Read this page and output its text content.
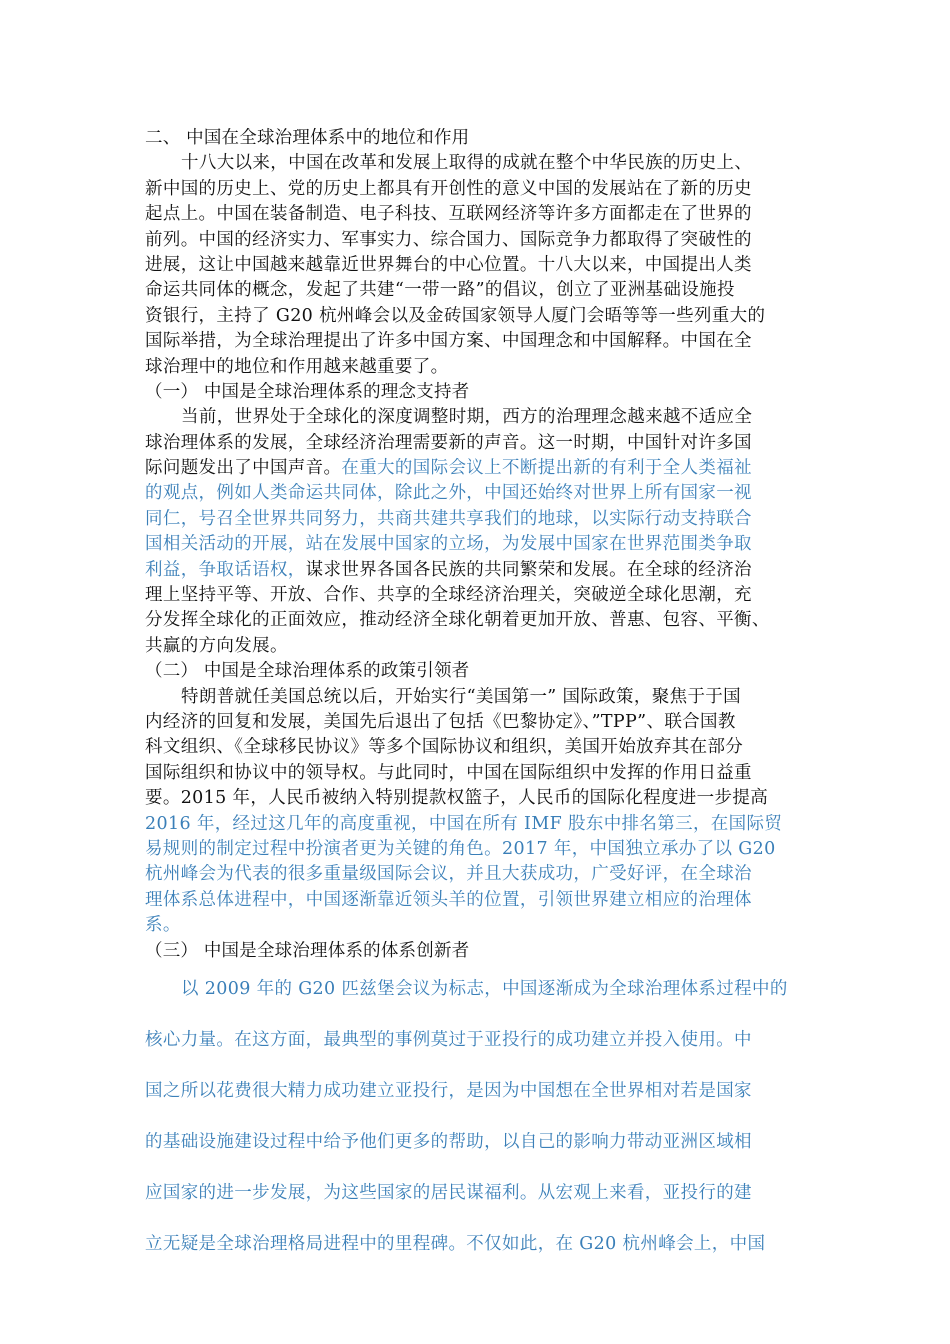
二、 中国在全球治理体系中的地位和作用
十八大以来，中国在改革和发展上取得的成就在整个中华民族的历史上、
新中国的历史上、党的历史上都具有开创性的意义中国的发展站在了新的历史
起点上。中国在装备制造、电子科技、互联网经济等许多方面都走在了世界的
前列。中国的经济实力、军事实力、综合国力、国际竞争力都取得了突破性的
进展，这让中国越来越靠近世界舞台的中心位置。十八大以来，中国提出人类
命运共同体的概念，发起了共建“一带一路”的倡议，创立了亚洲基础设施投
资银行，主持了 G20 杭州峰会以及金砖国家领导人厦门会晤等等一些列重大的
国际举措，为全球治理提出了许多中国方案、中国理念和中国解释。中国在全
球治理中的地位和作用越来越重要了。
（一） 中国是全球治理体系的理念支持者
当前，世界处于全球化的深度调整时期，西方的治理理念越来越不适应全
球治理体系的发展，全球经济治理需要新的声音。这一时期，中国针对许多国
际问题发出了中国声音。在重大的国际会议上不断提出新的有利于全人类福祉
的观点，例如人类命运共同体，除此之外，中国还始终对世界上所有国家一视
同仁，号召全世界共同努力，共商共建共享我们的地球，以实际行动支持联合
国相关活动的开展，站在发展中国家的立场，为发展中国家在世界范围类争取
利益，争取话语权，谋求世界各国各民族的共同繁荣和发展。在全球的经济治
理上坚持平等、开放、合作、共享的全球经济治理关，突破逆全球化思潮，充
分发挥全球化的正面效应，推动经济全球化朝着更加开放、普惠、包容、平衡、
共赢的方向发展。
（二） 中国是全球治理体系的政策引领者
特朗普就任美国总统以后，开始实行“美国第一” 国际政策，聚焦于于国
内经济的回复和发展，美国先后退出了包括《巴黎协定》、”TPP”、联合国教
科文组织、《全球移民协议》等多个国际协议和组织，美国开始放弃其在部分
国际组织和协议中的领导权。与此同时，中国在国际组织中发挥的作用日益重
要。2015 年，人民币被纳入特别提款权篮子，人民币的国际化程度进一步提高
2016 年，经过这几年的高度重视，中国在所有 IMF 股东中排名第三，在国际贸
易规则的制定过程中扮演者更为关键的角色。2017 年，中国独立承办了以 G20
杭州峰会为代表的很多重量级国际会议，并且大获成功，广受好评，在全球治
理体系总体进程中，中国逐渐靠近领头羊的位置，引领世界建立相应的治理体
系。
（三） 中国是全球治理体系的体系创新者
以 2009 年的 G20 匹兹堡会议为标志，中国逐渐成为全球治理体系过程中的
核心力量。在这方面，最典型的事例莫过于亚投行的成功建立并投入使用。中
国之所以花费很大精力成功建立亚投行，是因为中国想在全世界相对若是国家
的基础设施建设过程中给予他们更多的帮助，以自己的影响力带动亚洲区域相
应国家的进一步发展，为这些国家的居民谋福利。从宏观上来看，亚投行的建
立无疑是全球治理格局进程中的里程碑。不仅如此，在 G20 杭州峰会上，中国
